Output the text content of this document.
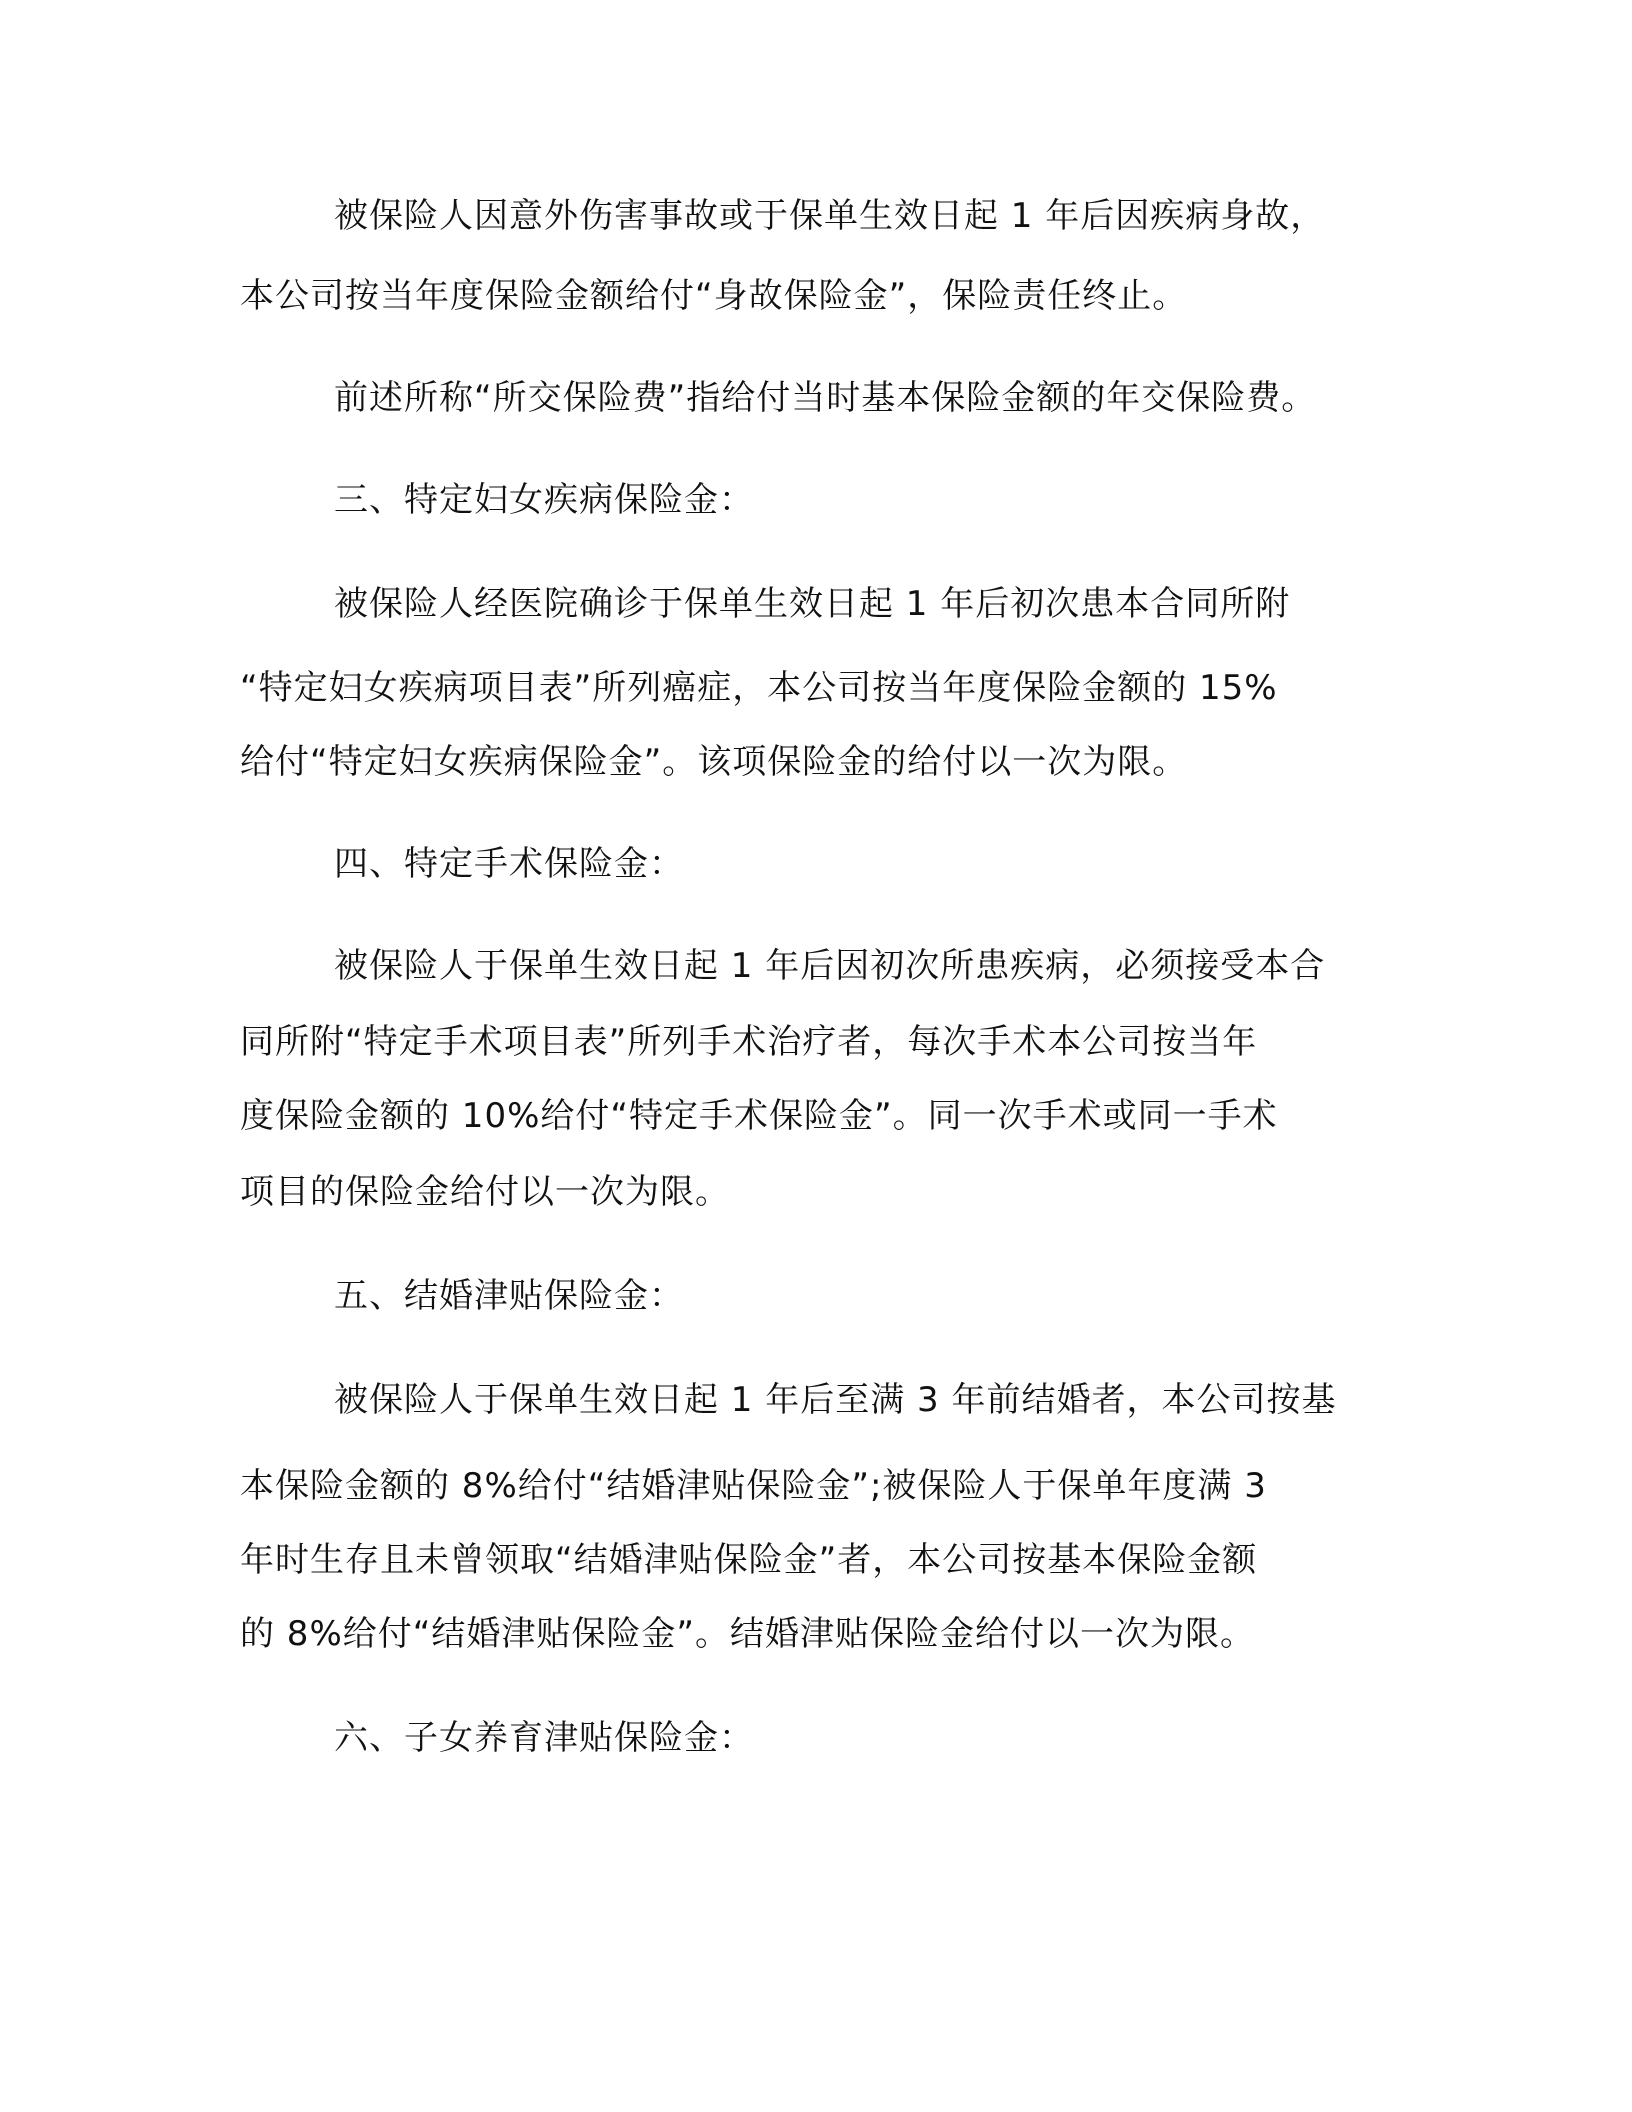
被保险人因意外伤害事故或于保单生效日起 1 年后因疾病身故，
本公司按当年度保险金额给付“身故保险金”，保险责任终止。
前述所称“所交保险费”指给付当时基本保险金额的年交保险费。
三、特定妇女疾病保险金：
被保险人经医院确诊于保单生效日起 1 年后初次患本合同所附
“特定妇女疾病项目表”所列癌症，本公司按当年度保险金额的 15%
给付“特定妇女疾病保险金”。该项保险金的给付以一次为限。
四、特定手术保险金：
被保险人于保单生效日起 1 年后因初次所患疾病，必须接受本合
同所附“特定手术项目表”所列手术治疗者，每次手术本公司按当年
度保险金额的 10%给付“特定手术保险金”。同一次手术或同一手术
项目的保险金给付以一次为限。
五、结婚津贴保险金：
被保险人于保单生效日起 1 年后至满 3 年前结婚者，本公司按基
本保险金额的 8%给付“结婚津贴保险金”;被保险人于保单年度满 3
年时生存且未曾领取“结婚津贴保险金”者，本公司按基本保险金额
的 8%给付“结婚津贴保险金”。结婚津贴保险金给付以一次为限。
六、子女养育津贴保险金：
